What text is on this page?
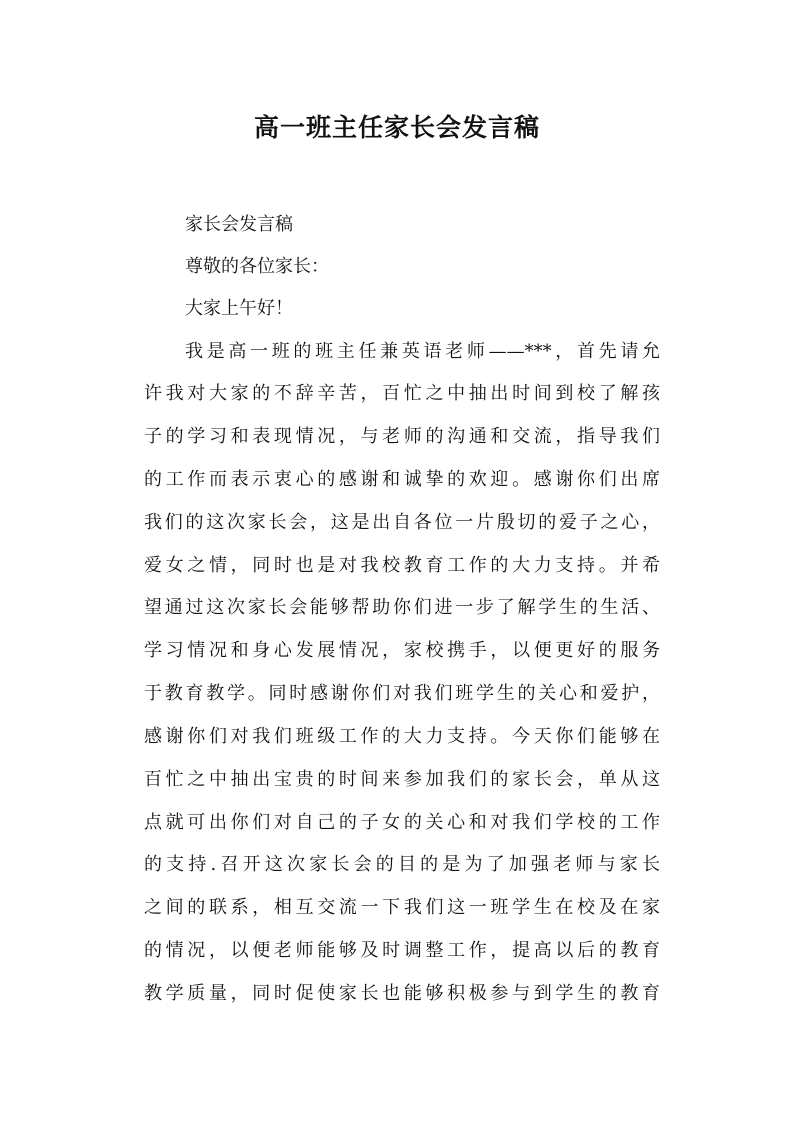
高一班主任家长会发言稿

家长会发言稿

尊敬的各位家长：

大家上午好！

我是高一班的班主任兼英语老师——***，首先请允

许我对大家的不辞辛苦，百忙之中抽出时间到校了解孩

子的学习和表现情况，与老师的沟通和交流，指导我们

的工作而表示衷心的感谢和诚挚的欢迎。感谢你们出席

我们的这次家长会，这是出自各位一片殷切的爱子之心，

爱女之情，同时也是对我校教育工作的大力支持。并希

望通过这次家长会能够帮助你们进一步了解学生的生活、

学习情况和身心发展情况，家校携手，以便更好的服务

于教育教学。同时感谢你们对我们班学生的关心和爱护，

感谢你们对我们班级工作的大力支持。今天你们能够在

百忙之中抽出宝贵的时间来参加我们的家长会，单从这

点就可出你们对自己的子女的关心和对我们学校的工作

的支持.召开这次家长会的目的是为了加强老师与家长

之间的联系，相互交流一下我们这一班学生在校及在家

的情况，以便老师能够及时调整工作，提高以后的教育

教学质量，同时促使家长也能够积极参与到学生的教育
